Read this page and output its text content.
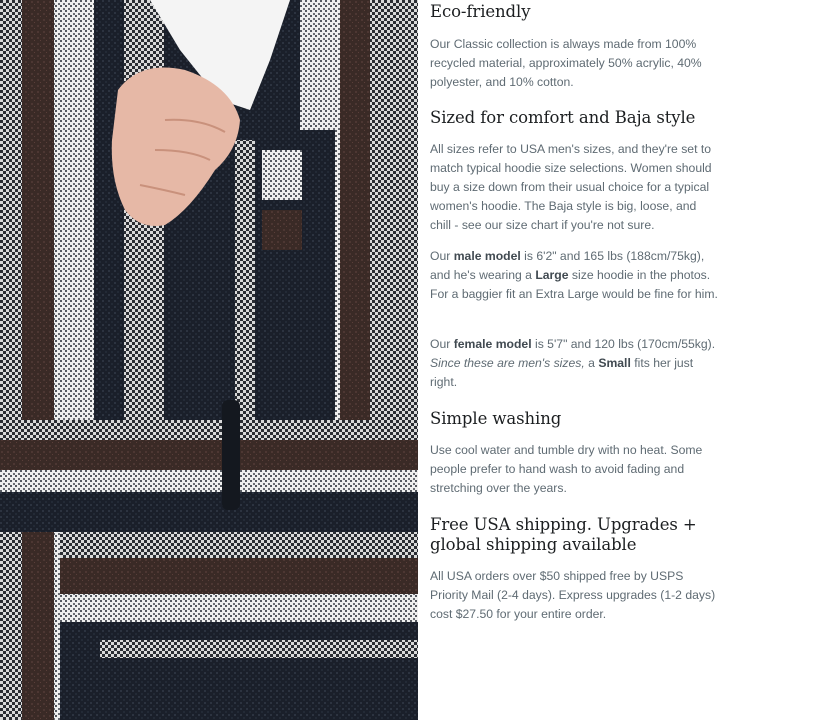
Eco-friendly

Our Classic collection is always made from 100% recycled material, approximately 50% acrylic, 40% polyester, and 10% cotton.

Sized for comfort and Baja style

All sizes refer to USA men's sizes, and they're set to match typical hoodie size selections. Women should buy a size down from their usual choice for a typical women's hoodie. The Baja style is big, loose, and chill - see our size chart if you're not sure.

Our male model is 6'2" and 165 lbs (188cm/75kg), and he's wearing a Large size hoodie in the photos. For a baggier fit an Extra Large would be fine for him.

Our female model is 5'7" and 120 lbs (170cm/55kg). Since these are men's sizes, a Small fits her just right.

Simple washing

Use cool water and tumble dry with no heat. Some people prefer to hand wash to avoid fading and stretching over the years.

Free USA shipping. Upgrades + global shipping available

All USA orders over $50 shipped free by USPS Priority Mail (2-4 days). Express upgrades (1-2 days) cost $27.50 for your entire order.
